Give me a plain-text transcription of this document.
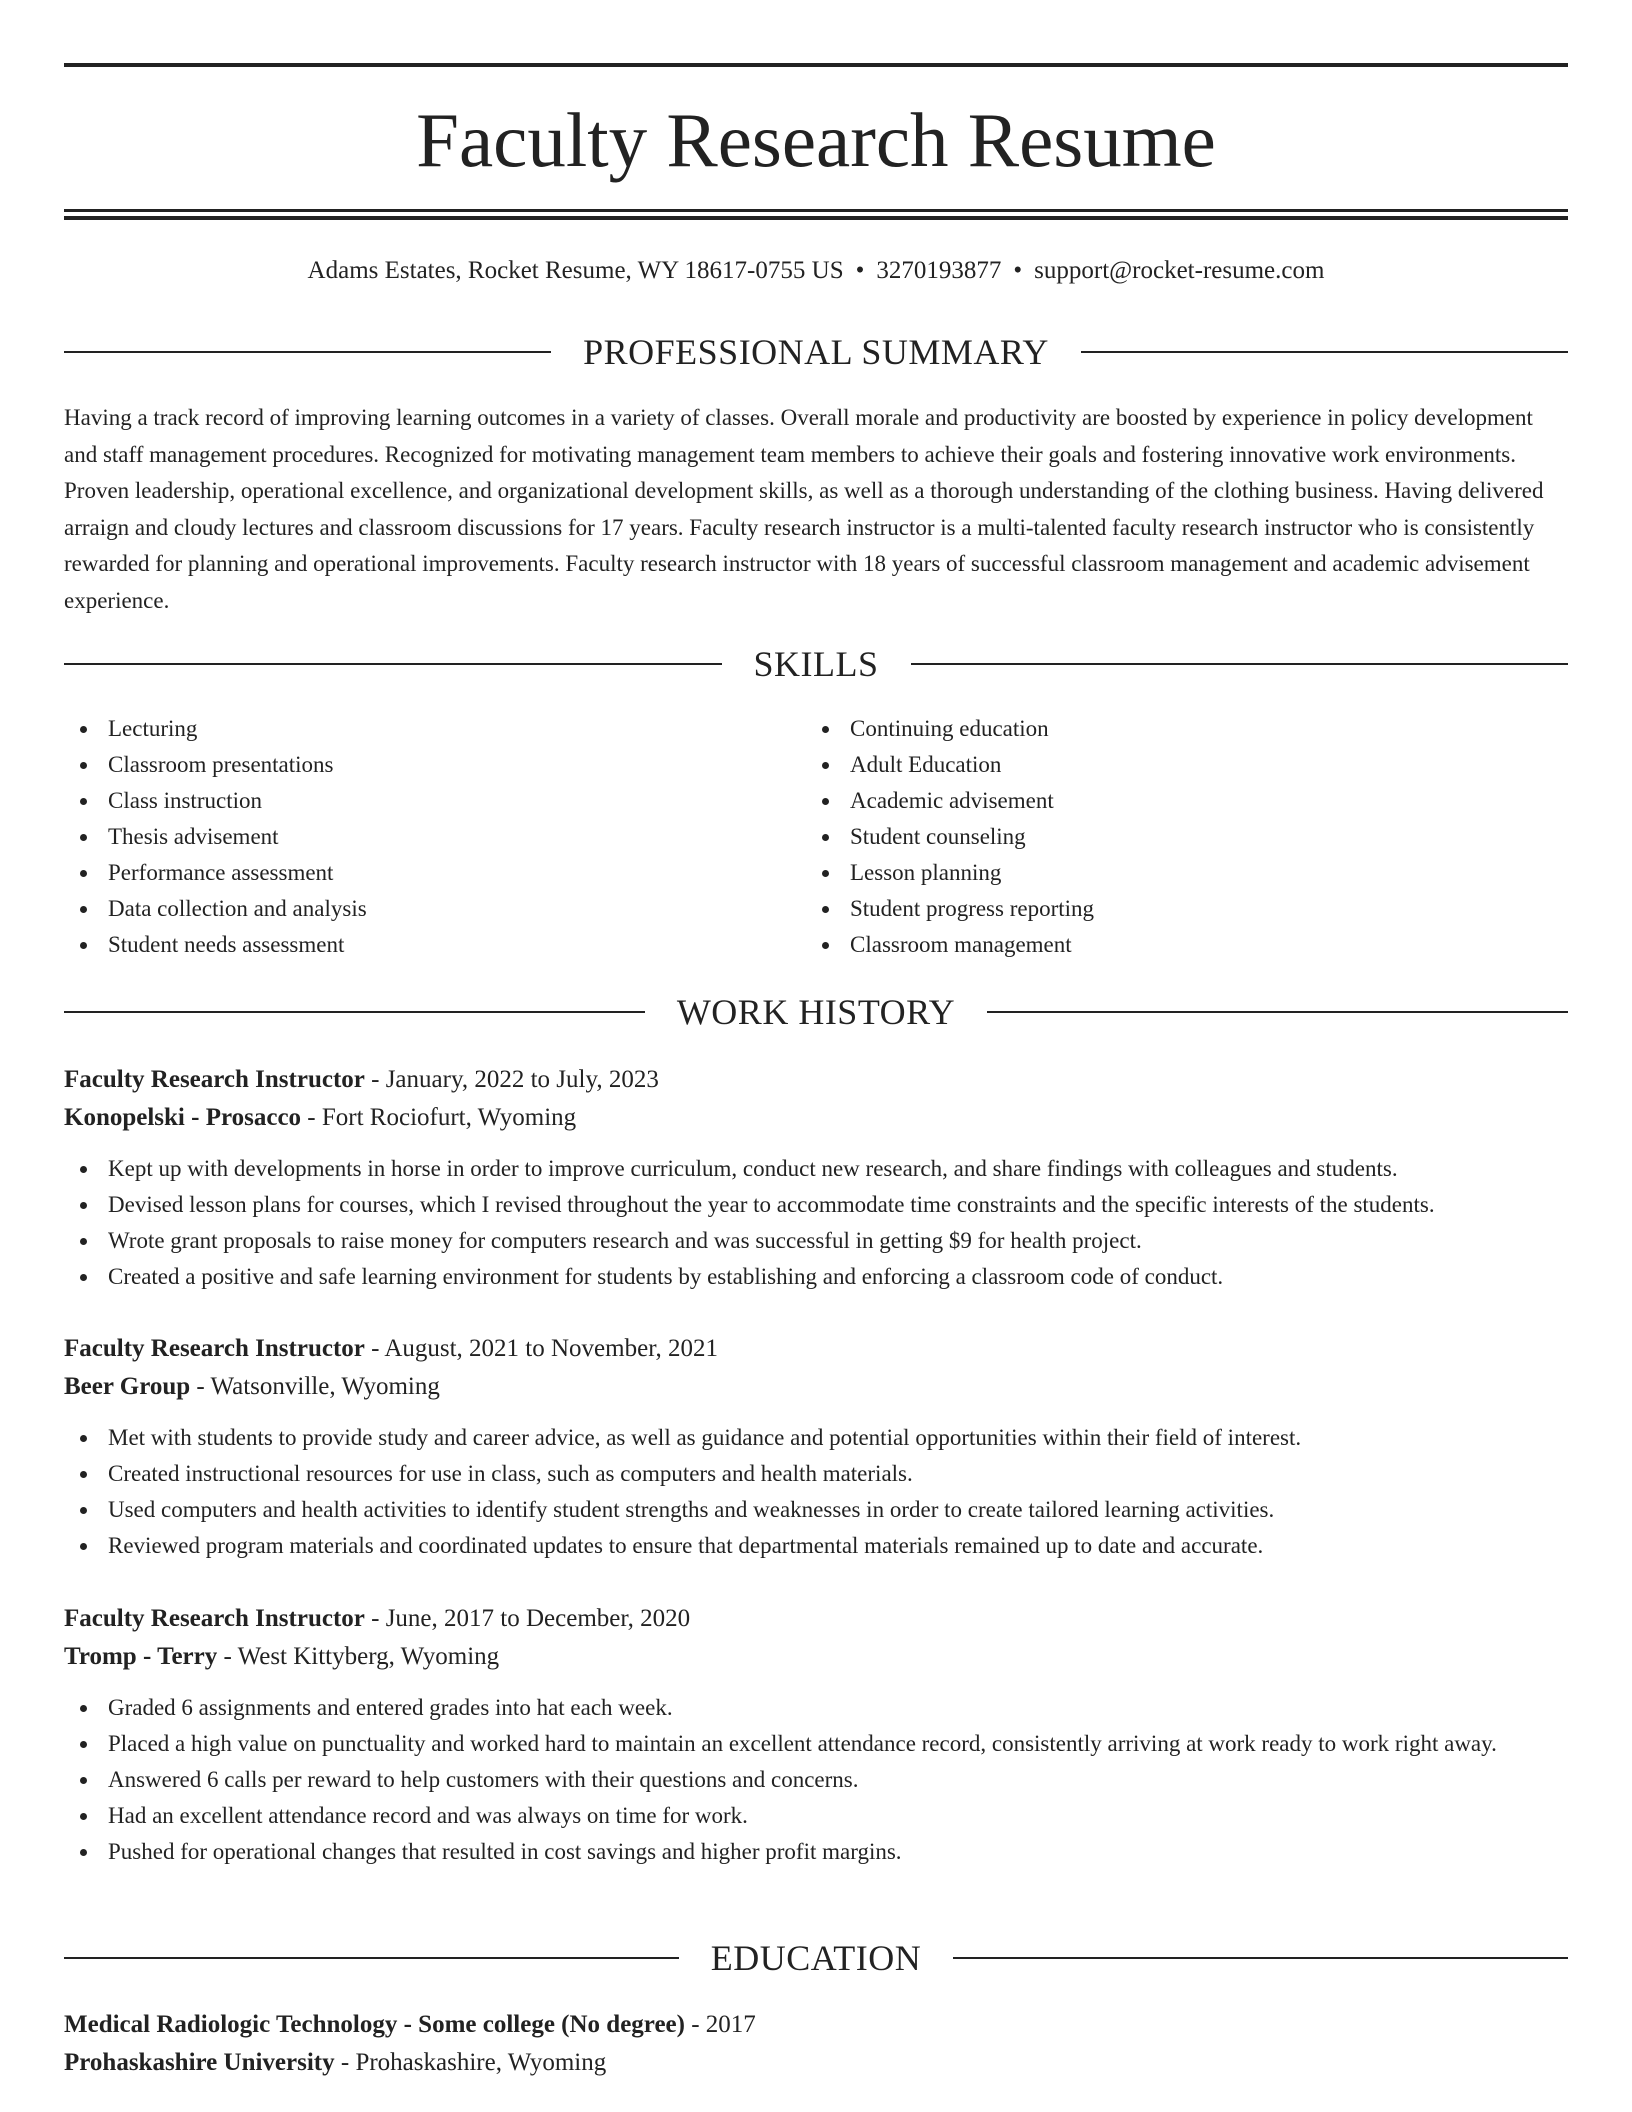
Faculty Research Resume
Adams Estates, Rocket Resume, WY 18617-0755 US • 3270193877 • support@rocket-resume.com
PROFESSIONAL SUMMARY

Having a track record of improving learning outcomes in a variety of classes. Overall morale and productivity are boosted by experience in policy development and staff management procedures. Recognized for motivating management team members to achieve their goals and fostering innovative work environments. Proven leadership, operational excellence, and organizational development skills, as well as a thorough understanding of the clothing business. Having delivered arraign and cloudy lectures and classroom discussions for 17 years. Faculty research instructor is a multi-talented faculty research instructor who is consistently rewarded for planning and operational improvements. Faculty research instructor with 18 years of successful classroom management and academic advisement experience.

SKILLS
Lecturing
Classroom presentations
Class instruction
Thesis advisement
Performance assessment
Data collection and analysis
Student needs assessment
Continuing education
Adult Education
Academic advisement
Student counseling
Lesson planning
Student progress reporting
Classroom management
WORK HISTORY
Faculty Research Instructor - January, 2022 to July, 2023
Konopelski - Prosacco - Fort Rociofurt, Wyoming
Kept up with developments in horse in order to improve curriculum, conduct new research, and share findings with colleagues and students.
Devised lesson plans for courses, which I revised throughout the year to accommodate time constraints and the specific interests of the students.
Wrote grant proposals to raise money for computers research and was successful in getting $9 for health project.
Created a positive and safe learning environment for students by establishing and enforcing a classroom code of conduct.
Faculty Research Instructor - August, 2021 to November, 2021
Beer Group - Watsonville, Wyoming
Met with students to provide study and career advice, as well as guidance and potential opportunities within their field of interest.
Created instructional resources for use in class, such as computers and health materials.
Used computers and health activities to identify student strengths and weaknesses in order to create tailored learning activities.
Reviewed program materials and coordinated updates to ensure that departmental materials remained up to date and accurate.
Faculty Research Instructor - June, 2017 to December, 2020
Tromp - Terry - West Kittyberg, Wyoming
Graded 6 assignments and entered grades into hat each week.
Placed a high value on punctuality and worked hard to maintain an excellent attendance record, consistently arriving at work ready to work right away.
Answered 6 calls per reward to help customers with their questions and concerns.
Had an excellent attendance record and was always on time for work.
Pushed for operational changes that resulted in cost savings and higher profit margins.
EDUCATION
Medical Radiologic Technology - Some college (No degree) - 2017
Prohaskashire University - Prohaskashire, Wyoming
